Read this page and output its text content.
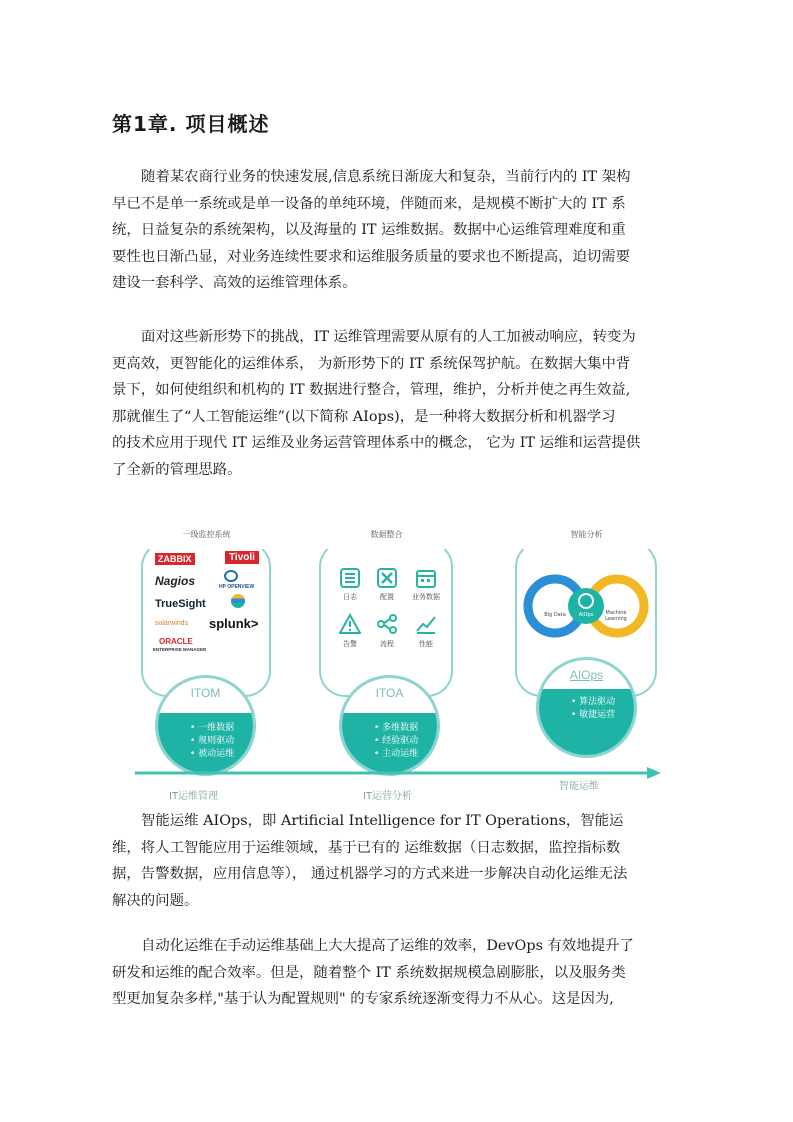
第1章. 项目概述

随着某农商行业务的快速发展,信息系统日渐庞大和复杂，当前行内的 IT 架构
早已不是单一系统或是单一设备的单纯环境，伴随而来，是规模不断扩大的 IT 系
统，日益复杂的系统架构，以及海量的 IT 运维数据。数据中心运维管理难度和重
要性也日渐凸显，对业务连续性要求和运维服务质量的要求也不断提高，迫切需要
建设一套科学、高效的运维管理体系。

面对这些新形势下的挑战，IT 运维管理需要从原有的人工加被动响应，转变为
更高效，更智能化的运维体系， 为新形势下的 IT 系统保驾护航。在数据大集中背
景下，如何使组织和机构的 IT 数据进行整合，管理，维护，分析并使之再生效益,
那就催生了“人工智能运维”(以下简称 AIops)，是一种将大数据分析和机器学习
的技术应用于现代 IT 运维及业务运营管理体系中的概念， 它为 IT 运维和运营提供
了全新的管理思路。

一级监控系统
ZABBIX	Tivoli
Nagios	HP OPENVIEW
TrueSight
solarwinds splunk>
ORACLE
ENTERPRISE MANAGER
数据整合
日志	配置	业务数据
告警	流程	性能
智能分析
Big Data	AIOps	Machine Learning
ITOM
• 一维数据
• 规则驱动
• 被动运维
ITOA
• 多维数据
• 经验驱动
• 主动运维
AIOps
• 算法驱动
• 敏捷运营
IT运维管理	IT运营分析
智能运维

智能运维 AIOps，即 Artificial Intelligence for IT Operations，智能运
维，将人工智能应用于运维领域，基于已有的 运维数据（日志数据，监控指标数
据，告警数据，应用信息等）， 通过机器学习的方式来进一步解决自动化运维无法
解决的问题。

自动化运维在手动运维基础上大大提高了运维的效率，DevOps 有效地提升了
研发和运维的配合效率。但是，随着整个 IT 系统数据规模急剧膨胀，以及服务类
型更加复杂多样,"基于认为配置规则" 的专家系统逐渐变得力不从心。这是因为,
